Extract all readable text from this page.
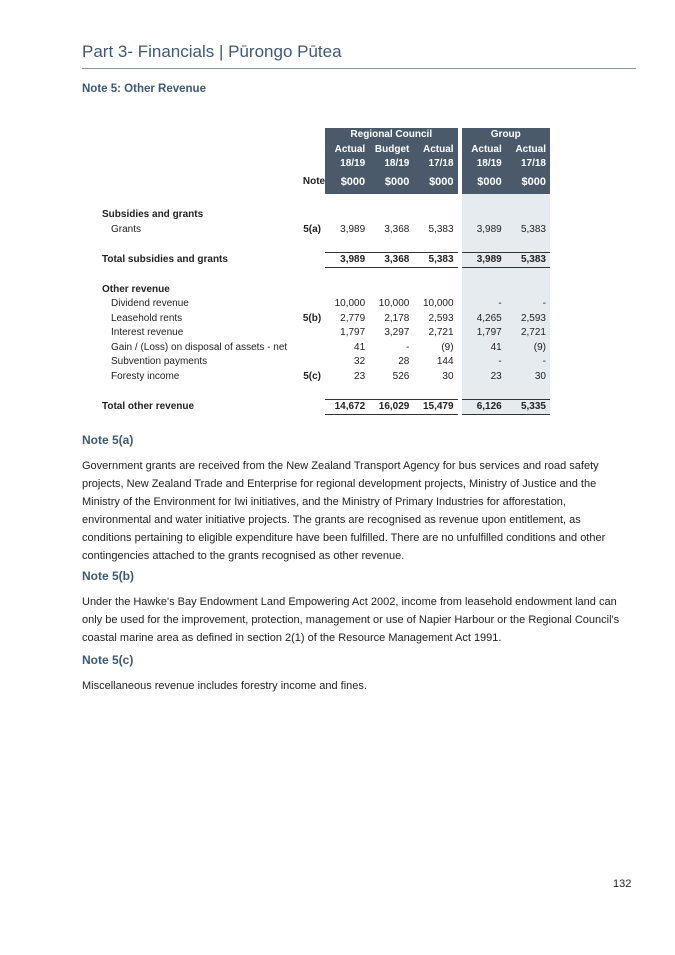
Part 3- Financials | Pūrongo Pūtea
Note 5: Other Revenue
		Regional Council				Group	
		Actual	Budget	Actual		Actual	Actual
		18/19	18/19	17/18		18/19	17/18
	Note	$000	$000	$000		$000	$000

Subsidies and grants							
Grants	5(a)	3,989	3,368	5,383		3,989	5,383

Total subsidies and grants		3,989	3,368	5,383		3,989	5,383

Other revenue							
Dividend revenue		10,000	10,000	10,000		-	-
Leasehold rents	5(b)	2,779	2,178	2,593		4,265	2,593
Interest revenue		1,797	3,297	2,721		1,797	2,721
Gain / (Loss) on disposal of assets - net		41	-	(9)		41	(9)
Subvention payments		32	28	144		-	-
Foresty income	5(c)	23	526	30		23	30

Total other revenue		14,672	16,029	15,479		6,126	5,335
Note 5(a)
Government grants are received from the New Zealand Transport Agency for bus services and road safety projects, New Zealand Trade and Enterprise for regional development projects, Ministry of Justice and the Ministry of the Environment for Iwi initiatives, and the Ministry of Primary Industries for afforestation, environmental and water initiative projects. The grants are recognised as revenue upon entitlement, as conditions pertaining to eligible expenditure have been fulfilled. There are no unfulfilled conditions and other contingencies attached to the grants recognised as other revenue.
Note 5(b)
Under the Hawke's Bay Endowment Land Empowering Act 2002, income from leasehold endowment land can only be used for the improvement, protection, management or use of Napier Harbour or the Regional Council's coastal marine area as defined in section 2(1) of the Resource Management Act 1991.
Note 5(c)
Miscellaneous revenue includes forestry income and fines.
132
